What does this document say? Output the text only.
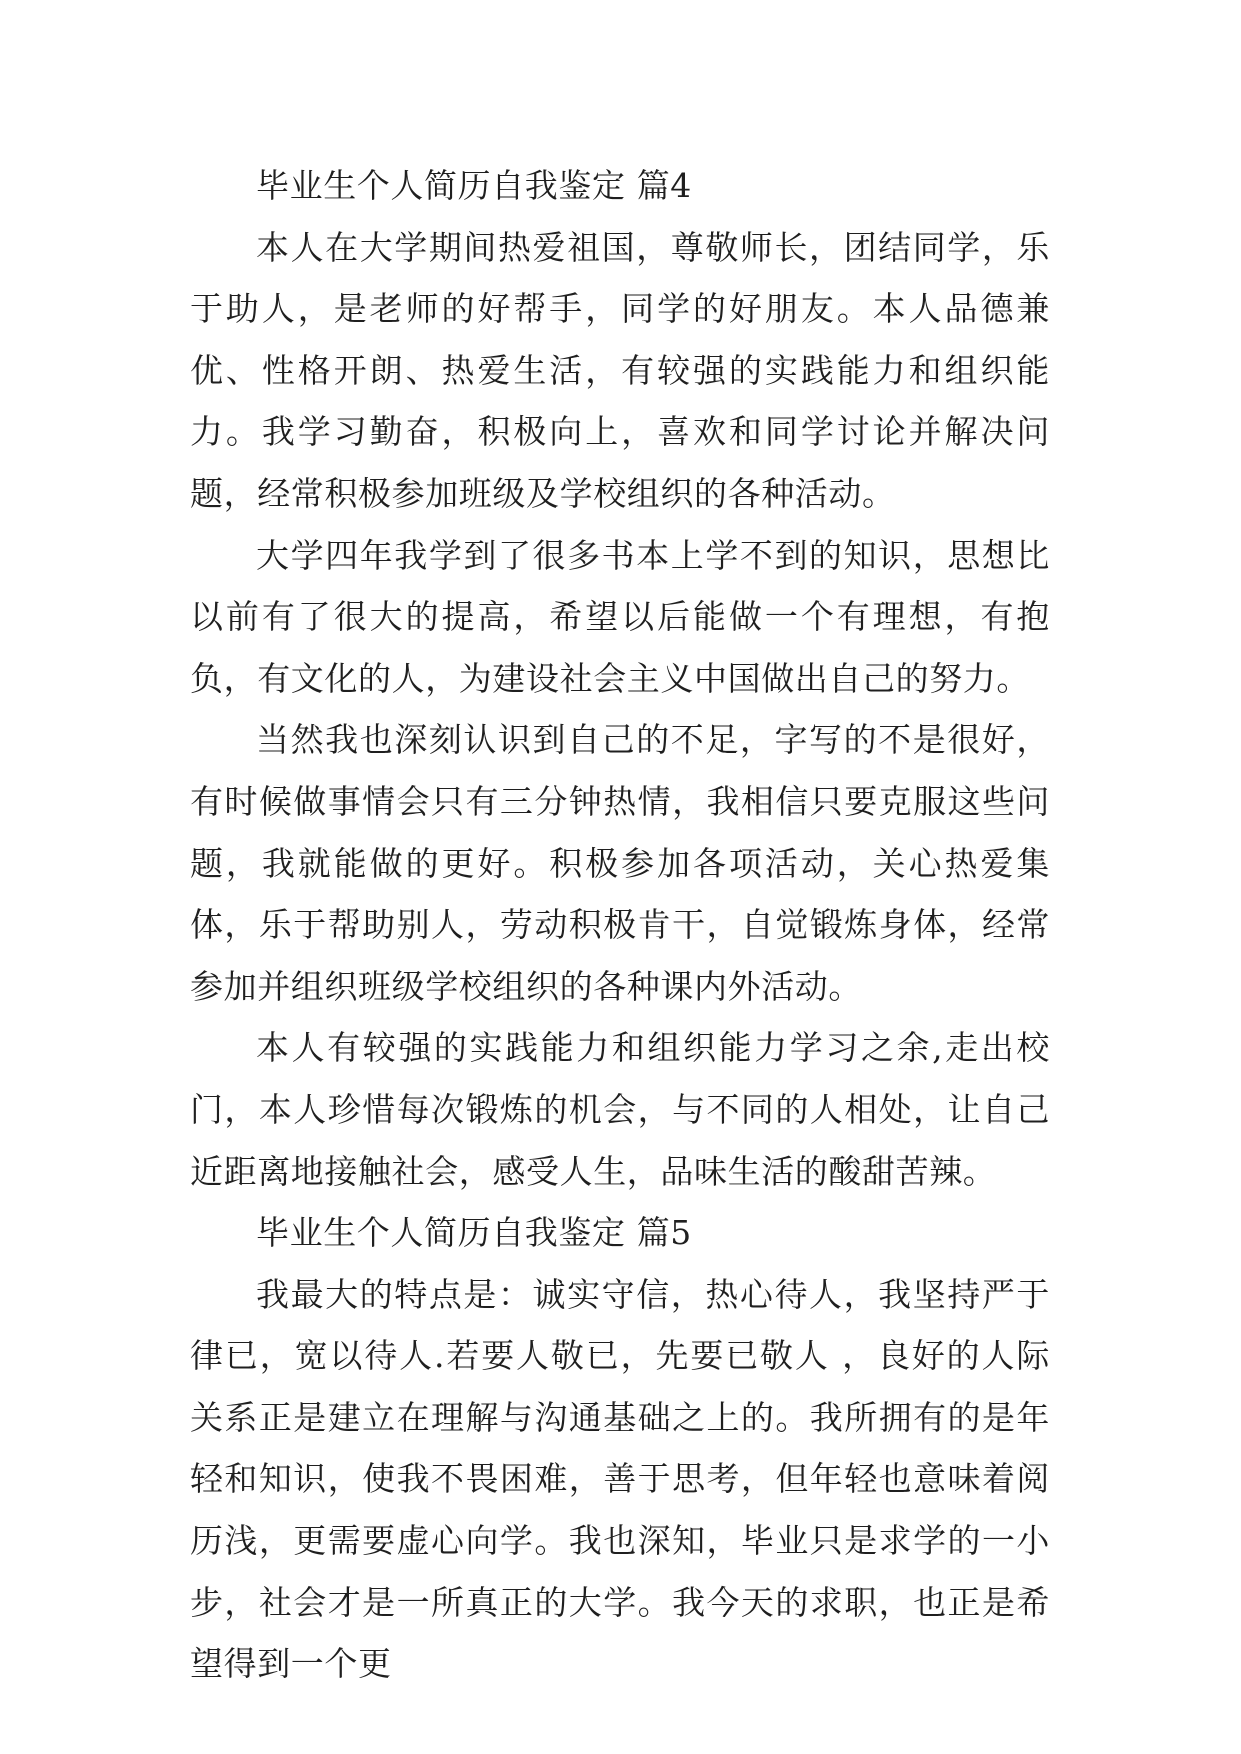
毕业生个人简历自我鉴定 篇4

本人在大学期间热爱祖国，尊敬师长，团结同学，乐于助人，是老师的好帮手，同学的好朋友。本人品德兼优、性格开朗、热爱生活，有较强的实践能力和组织能力。我学习勤奋，积极向上，喜欢和同学讨论并解决问题，经常积极参加班级及学校组织的各种活动。

大学四年我学到了很多书本上学不到的知识，思想比以前有了很大的提高，希望以后能做一个有理想，有抱负，有文化的人，为建设社会主义中国做出自己的努力。

当然我也深刻认识到自己的不足，字写的不是很好，有时候做事情会只有三分钟热情，我相信只要克服这些问题，我就能做的更好。积极参加各项活动，关心热爱集体，乐于帮助别人，劳动积极肯干，自觉锻炼身体，经常参加并组织班级学校组织的各种课内外活动。

本人有较强的实践能力和组织能力学习之余,走出校门，本人珍惜每次锻炼的机会，与不同的人相处，让自己近距离地接触社会，感受人生，品味生活的酸甜苦辣。

毕业生个人简历自我鉴定 篇5

我最大的特点是：诚实守信，热心待人，我坚持严于律已，宽以待人.若要人敬已，先要已敬人 ，良好的人际关系正是建立在理解与沟通基础之上的。我所拥有的是年轻和知识，使我不畏困难，善于思考，但年轻也意味着阅历浅，更需要虚心向学。我也深知，毕业只是求学的一小步，社会才是一所真正的大学。我今天的求职，也正是希望得到一个更
